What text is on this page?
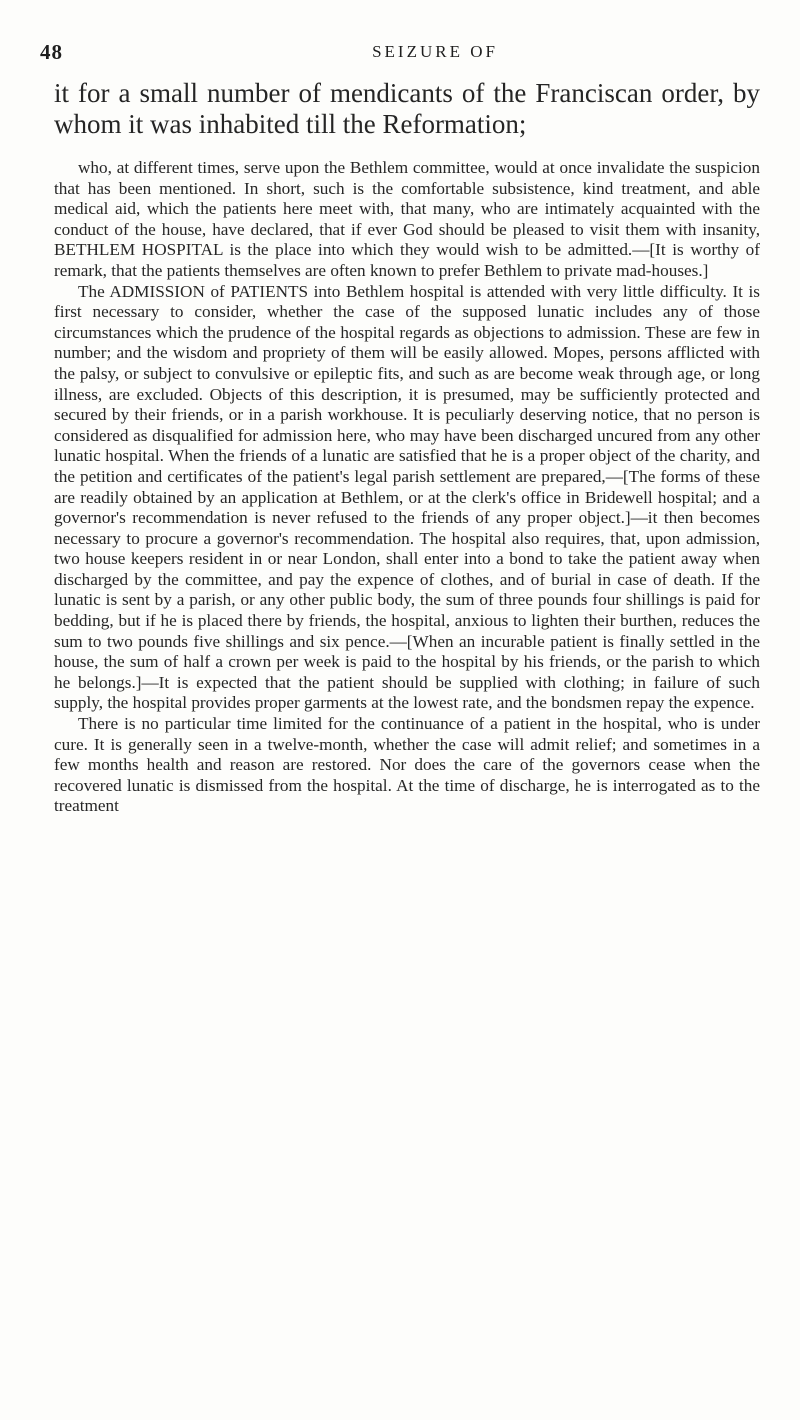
48	SEIZURE OF

it for a small number of mendicants of the Franciscan order, by whom it was inhabited till the Reformation;

who, at different times, serve upon the Bethlem committee, would at once invalidate the suspicion that has been mentioned. In short, such is the comfortable subsistence, kind treatment, and able medical aid, which the patients here meet with, that many, who are intimately acquainted with the conduct of the house, have declared, that if ever God should be pleased to visit them with insanity, BETHLEM HOSPITAL is the place into which they would wish to be admitted.—[It is worthy of remark, that the patients themselves are often known to prefer Bethlem to private mad-houses.]

The ADMISSION of PATIENTS into Bethlem hospital is attended with very little difficulty. It is first necessary to consider, whether the case of the supposed lunatic includes any of those circumstances which the prudence of the hospital regards as objections to admission. These are few in number; and the wisdom and propriety of them will be easily allowed. Mopes, persons afflicted with the palsy, or subject to convulsive or epileptic fits, and such as are become weak through age, or long illness, are excluded. Objects of this description, it is presumed, may be sufficiently protected and secured by their friends, or in a parish workhouse. It is peculiarly deserving notice, that no person is considered as disqualified for admission here, who may have been discharged uncured from any other lunatic hospital. When the friends of a lunatic are satisfied that he is a proper object of the charity, and the petition and certificates of the patient's legal parish settlement are prepared,—[The forms of these are readily obtained by an application at Bethlem, or at the clerk's office in Bridewell hospital; and a governor's recommendation is never refused to the friends of any proper object.]—it then becomes necessary to procure a governor's recommendation. The hospital also requires, that, upon admission, two house keepers resident in or near London, shall enter into a bond to take the patient away when discharged by the committee, and pay the expence of clothes, and of burial in case of death. If the lunatic is sent by a parish, or any other public body, the sum of three pounds four shillings is paid for bedding, but if he is placed there by friends, the hospital, anxious to lighten their burthen, reduces the sum to two pounds five shillings and six pence.—[When an incurable patient is finally settled in the house, the sum of half a crown per week is paid to the hospital by his friends, or the parish to which he belongs.]—It is expected that the patient should be supplied with clothing; in failure of such supply, the hospital provides proper garments at the lowest rate, and the bondsmen repay the expence.

There is no particular time limited for the continuance of a patient in the hospital, who is under cure. It is generally seen in a twelve-month, whether the case will admit relief; and sometimes in a few months health and reason are restored. Nor does the care of the governors cease when the recovered lunatic is dismissed from the hospital. At the time of discharge, he is interrogated as to the treatment
